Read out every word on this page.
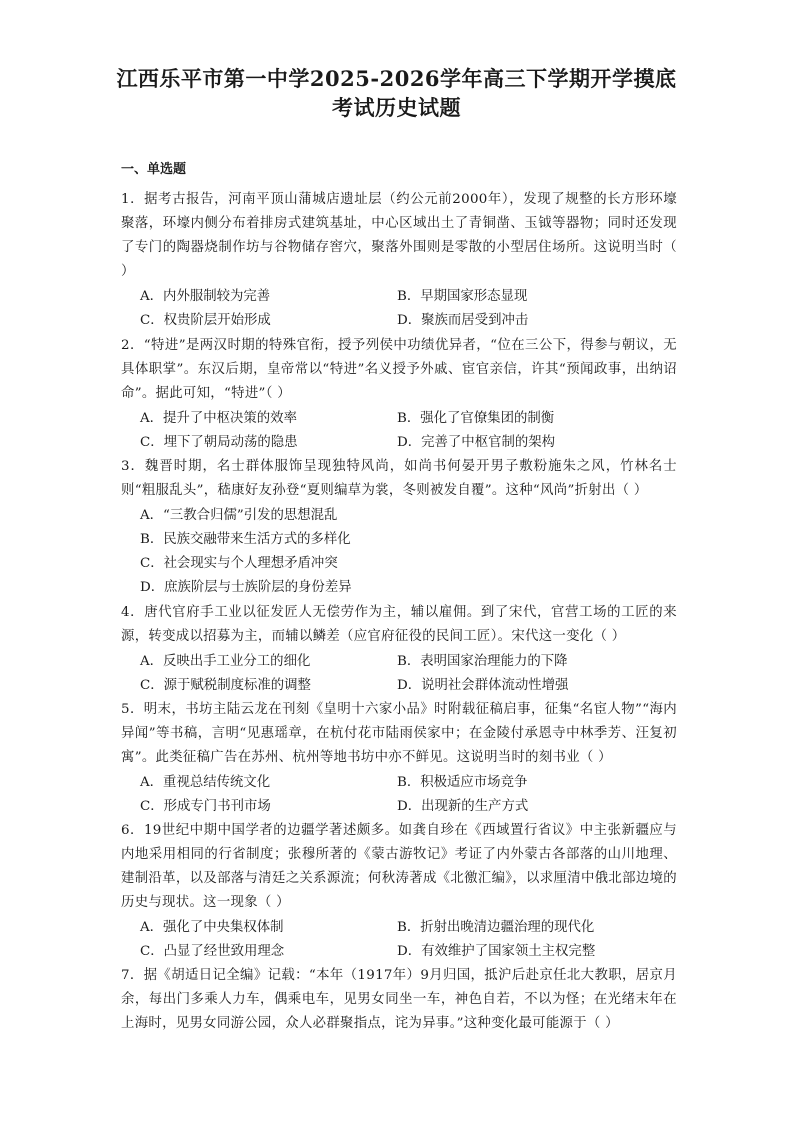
江西乐平市第一中学2025-2026学年高三下学期开学摸底
考试历史试题
一、单选题
1．据考古报告，河南平顶山蒲城店遗址层（约公元前2000年），发现了规整的长方形环壕聚落，环壕内侧分布着排房式建筑基址，中心区域出土了青铜凿、玉钺等器物；同时还发现了专门的陶器烧制作坊与谷物储存窖穴，聚落外围则是零散的小型居住场所。这说明当时（ ）
A．内外服制较为完善	B．早期国家形态显现
C．权贵阶层开始形成	D．聚族而居受到冲击
2．“特进”是两汉时期的特殊官衔，授予列侯中功绩优异者，“位在三公下，得参与朝议，无具体职掌”。东汉后期，皇帝常以“特进”名义授予外戚、宦官亲信，许其“预闻政事，出纳诏命”。据此可知，“特进”（ ）
A．提升了中枢决策的效率	B．强化了官僚集团的制衡
C．埋下了朝局动荡的隐患	D．完善了中枢官制的架构
3．魏晋时期，名士群体服饰呈现独特风尚，如尚书何晏开男子敷粉施朱之风，竹林名士则“粗服乱头”，嵇康好友孙登“夏则编草为裳，冬则被发自覆”。这种“风尚”折射出（ ）
A．“三教合归儒”引发的思想混乱
B．民族交融带来生活方式的多样化
C．社会现实与个人理想矛盾冲突
D．庶族阶层与士族阶层的身份差异
4．唐代官府手工业以征发匠人无偿劳作为主，辅以雇佣。到了宋代，官营工场的工匠的来源，转变成以招募为主，而辅以鳞差（应官府征役的民间工匠）。宋代这一变化（ ）
A．反映出手工业分工的细化	B．表明国家治理能力的下降
C．源于赋税制度标准的调整	D．说明社会群体流动性增强
5．明末，书坊主陆云龙在刊刻《皇明十六家小品》时附载征稿启事，征集“名宦人物”“海内异闻”等书稿，言明“见惠瑶章，在杭付花市陆雨侯家中；在金陵付承恩寺中林季芳、汪复初寓”。此类征稿广告在苏州、杭州等地书坊中亦不鲜见。这说明当时的刻书业（ ）
A．重视总结传统文化	B．积极适应市场竞争
C．形成专门书刊市场	D．出现新的生产方式
6．19世纪中期中国学者的边疆学著述颇多。如龚自珍在《西域置行省议》中主张新疆应与内地采用相同的行省制度；张穆所著的《蒙古游牧记》考证了内外蒙古各部落的山川地理、建制沿革，以及部落与清廷之关系源流；何秋涛著成《北徼汇编》，以求厘清中俄北部边境的历史与现状。这一现象（ ）
A．强化了中央集权体制	B．折射出晚清边疆治理的现代化
C．凸显了经世致用理念	D．有效维护了国家领土主权完整
7．据《胡适日记全编》记载：“本年（1917年）9月归国，抵沪后赴京任北大教职，居京月余，每出门多乘人力车，偶乘电车，见男女同坐一车，神色自若，不以为怪；在光绪末年在上海时，见男女同游公园，众人必群聚指点，诧为异事。”这种变化最可能源于（ ）
